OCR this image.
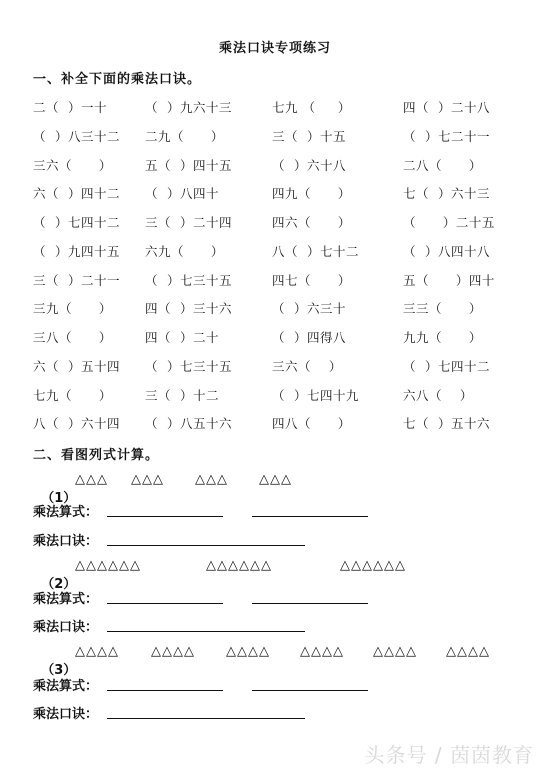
乘法口诀专项练习
一、补全下面的乘法口诀。
二（  ）一十	（  ）九六十三	七九 （     ）	四（  ）二十八
（  ）八三十二 二九（      ）	三（  ）十五	（  ）七二十一
三六（      ）	五（  ）四十五	（  ）六十八	二八（      ）
六（  ）四十二 （  ）八四十	四九（      ）	七（  ）六十三
（  ）七四十二 三（  ）二十四	四六（      ）	（      ）二十五
（  ）九四十五 六九（      ）	八（  ）七十二	（  ）八四十八
三（  ）二十一 （  ）七三十五	四七（      ）	五（      ）四十
三九（      ）	四（  ）三十六	（  ）六三十	三三（      ）
三八（      ）	四（  ）二十	（  ）四得八	九九（      ）
六（  ）五十四 （  ）七三十五	三六（    ）	（  ）七四十二
七九（      ）	三（  ）十二	（  ）七四十九	六八（    ）
八（  ）六十四 （  ）八五十六	四八（      ）	七（  ）五十六
二、看图列式计算。

（1）

△△△

△△△

△△△

△△△

乘法算式：
乘法口诀：

（2）

△△△△△△

	△△△△△△

	△△△△△△

乘法算式：
乘法口诀：

（3）

△△△△

△△△△

△△△△

△△△△

△△△△

△△△△

乘法算式：
乘法口诀：
头条号 / 茵茵教育
